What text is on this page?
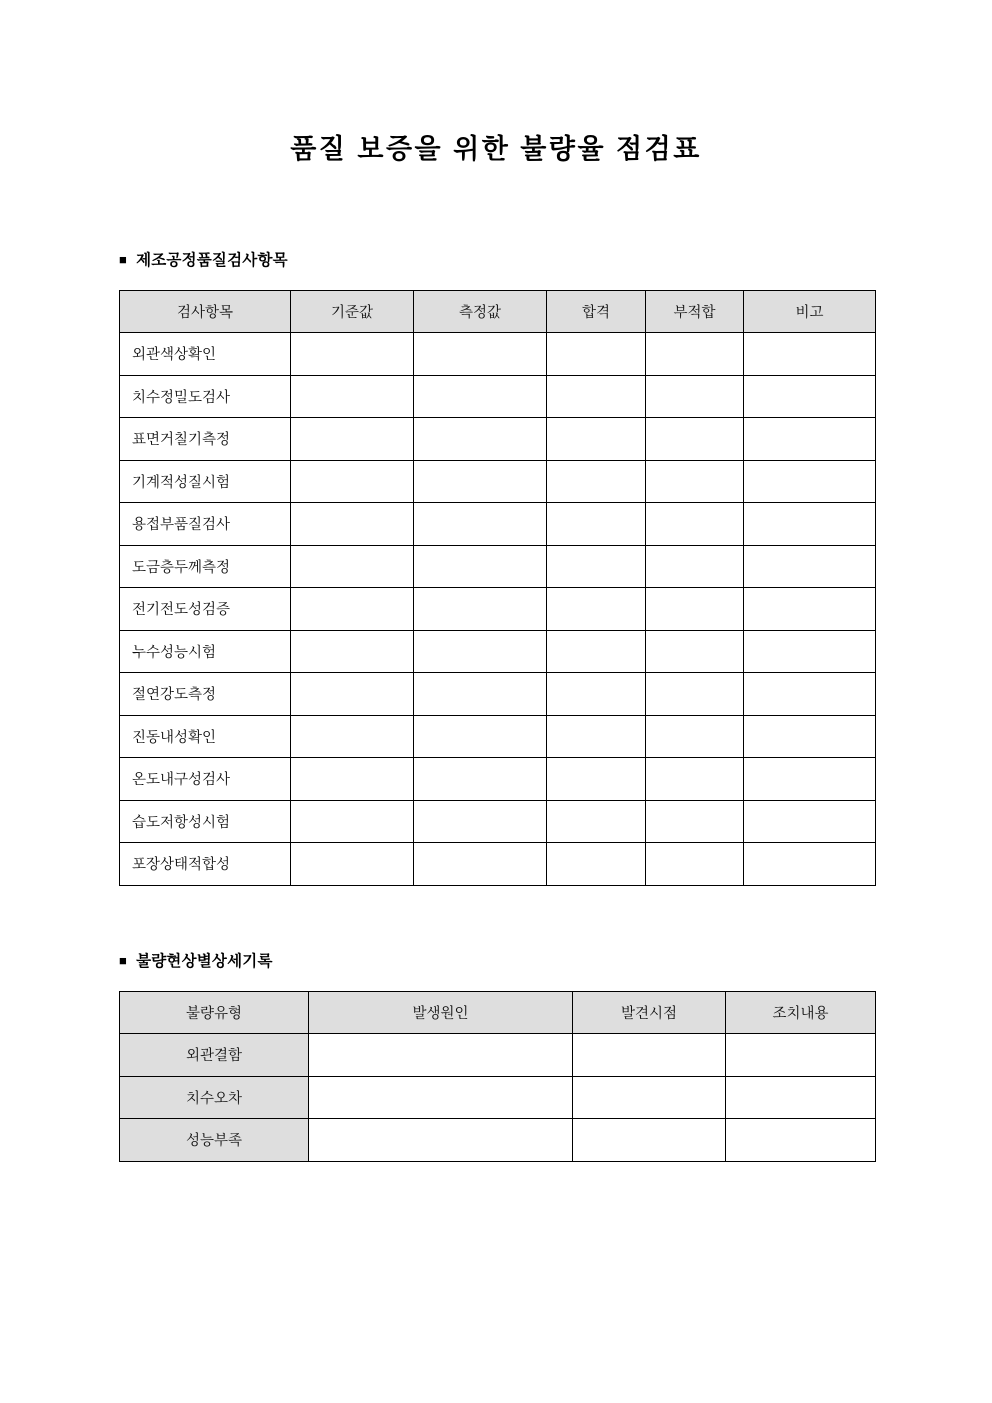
품질 보증을 위한 불량율 점검표
■ 제조공정품질검사항목
검사항목	기준값	측정값	합격	부적합	비고
외관색상확인					
치수정밀도검사					
표면거칠기측정					
기계적성질시험					
용접부품질검사					
도금층두께측정					
전기전도성검증					
누수성능시험					
절연강도측정					
진동내성확인					
온도내구성검사					
습도저항성시험					
포장상태적합성					
■ 불량현상별상세기록
불량유형	발생원인	발견시점	조치내용
외관결함			
치수오차			
성능부족			
